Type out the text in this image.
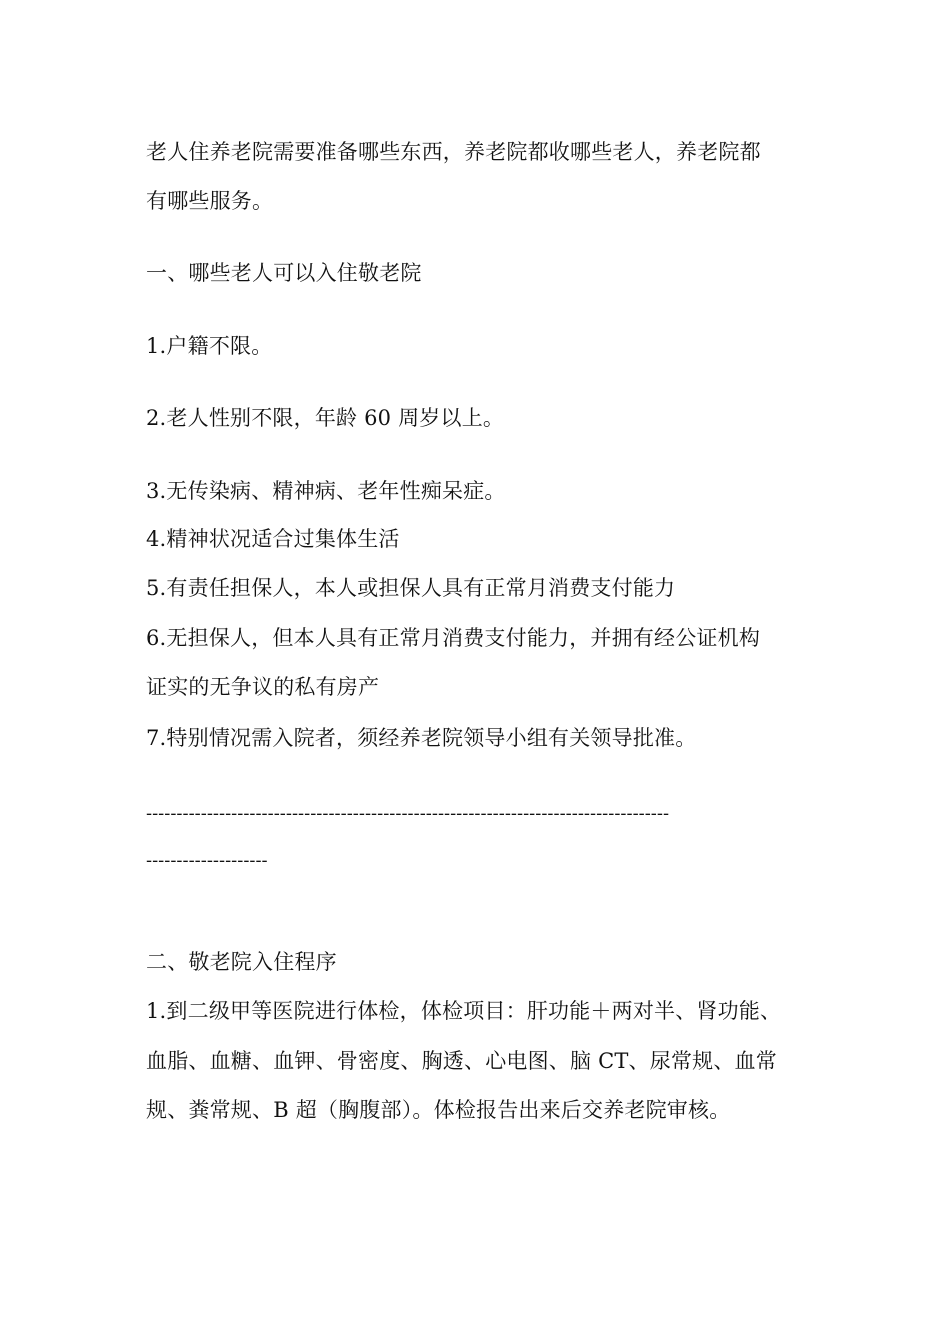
老人住养老院需要准备哪些东西，养老院都收哪些老人，养老院都

有哪些服务。

一、哪些老人可以入住敬老院

1.户籍不限。

2.老人性别不限，年龄 60 周岁以上。

3.无传染病、精神病、老年性痴呆症。

4.精神状况适合过集体生活

5.有责任担保人，本人或担保人具有正常月消费支付能力

6.无担保人，但本人具有正常月消费支付能力，并拥有经公证机构

证实的无争议的私有房产

7.特别情况需入院者，须经养老院领导小组有关领导批准。

--------------------------------------------------------------------------------------

--------------------

二、敬老院入住程序

1.到二级甲等医院进行体检，体检项目：肝功能＋两对半、肾功能、

血脂、血糖、血钾、骨密度、胸透、心电图、脑 CT、尿常规、血常

规、粪常规、B 超（胸腹部）。体检报告出来后交养老院审核。
